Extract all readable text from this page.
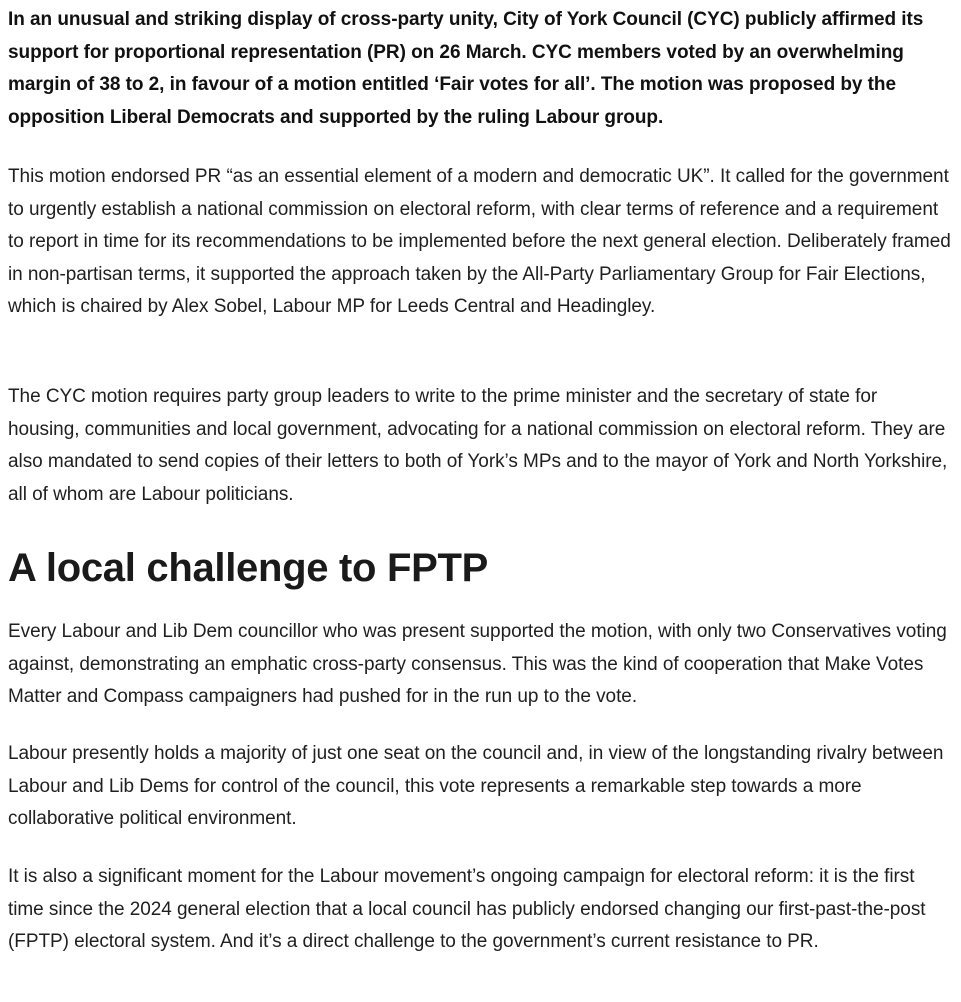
In an unusual and striking display of cross-party unity, City of York Council (CYC) publicly affirmed its support for proportional representation (PR) on 26 March. CYC members voted by an overwhelming margin of 38 to 2, in favour of a motion entitled ‘Fair votes for all’. The motion was proposed by the opposition Liberal Democrats and supported by the ruling Labour group.

This motion endorsed PR “as an essential element of a modern and democratic UK”. It called for the government to urgently establish a national commission on electoral reform, with clear terms of reference and a requirement to report in time for its recommendations to be implemented before the next general election. Deliberately framed in non-partisan terms, it supported the approach taken by the All-Party Parliamentary Group for Fair Elections, which is chaired by Alex Sobel, Labour MP for Leeds Central and Headingley.

The CYC motion requires party group leaders to write to the prime minister and the secretary of state for housing, communities and local government, advocating for a national commission on electoral reform. They are also mandated to send copies of their letters to both of York’s MPs and to the mayor of York and North Yorkshire, all of whom are Labour politicians.

A local challenge to FPTP

Every Labour and Lib Dem councillor who was present supported the motion, with only two Conservatives voting against, demonstrating an emphatic cross-party consensus. This was the kind of cooperation that Make Votes Matter and Compass campaigners had pushed for in the run up to the vote.

Labour presently holds a majority of just one seat on the council and, in view of the longstanding rivalry between Labour and Lib Dems for control of the council, this vote represents a remarkable step towards a more collaborative political environment.

It is also a significant moment for the Labour movement’s ongoing campaign for electoral reform: it is the first time since the 2024 general election that a local council has publicly endorsed changing our first-past-the-post (FPTP) electoral system. And it’s a direct challenge to the government’s current resistance to PR.
